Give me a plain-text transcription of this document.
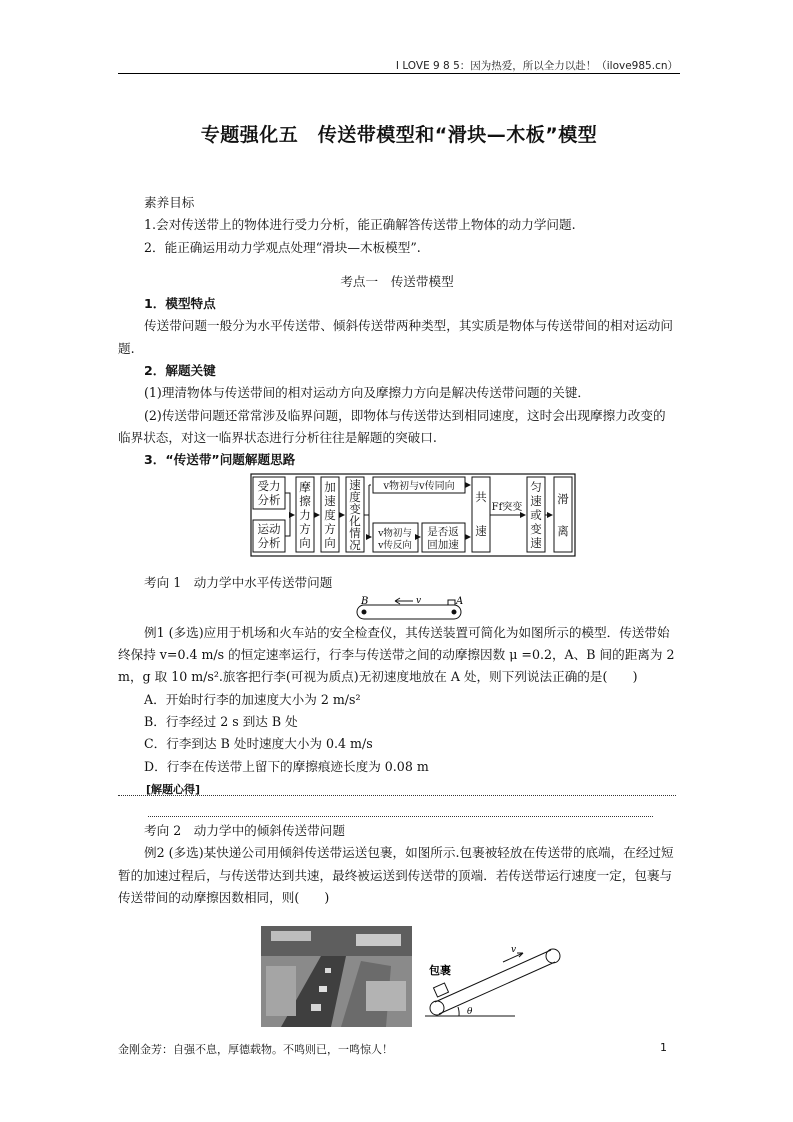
I LOVE 9 8 5：因为热爱，所以全力以赴！（ilove985.cn）
专题强化五　传送带模型和“滑块—木板”模型

素养目标

1.会对传送带上的物体进行受力分析，能正确解答传送带上物体的动力学问题.

2．能正确运用动力学观点处理“滑块—木板模型”.

考点一　传送带模型

1．模型特点

传送带问题一般分为水平传送带、倾斜传送带两种类型，其实质是物体与传送带间的相对运动问题.

2．解题关键

(1)理清物体与传送带间的相对运动方向及摩擦力方向是解决传送带问题的关键．

(2)传送带问题还常常涉及临界问题，即物体与传送带达到相同速度，这时会出现摩擦力改变的临界状态，对这一临界状态进行分析往往是解题的突破口.

3．“传送带”问题解题思路

考向 1　动力学中水平传送带问题

例1 (多选)应用于机场和火车站的安全检查仪，其传送装置可简化为如图所示的模型．传送带始终保持 v=0.4 m/s 的恒定速率运行，行李与传送带之间的动摩擦因数 μ =0.2，A、B 间的距离为 2 m，g 取 10 m/s².旅客把行李(可视为质点)无初速度地放在 A 处，则下列说法正确的是(　　)

A．开始时行李的加速度大小为 2 m/s²

B．行李经过 2 s 到达 B 处

C．行李到达 B 处时速度大小为 0.4 m/s

D．行李在传送带上留下的摩擦痕迹长度为 0.08 m

[解题心得]

考向 2　动力学中的倾斜传送带问题

例2 (多选)某快递公司用倾斜传送带运送包裹，如图所示.包裹被轻放在传送带的底端，在经过短暂的加速过程后，与传送带达到共速，最终被运送到传送带的顶端．若传送带运行速度一定，包裹与传送带间的动摩擦因数相同，则(　　)

受力
分析
运动
分析
摩
擦
力
方
向
加
速
度
方
向
速
度
变
化
情
况
v物初与v传同向
v物初与
v传反向
是否返
回加速
共
速
Ff突变
匀
速
或
变
速
滑
离
B	A
v
包裹
v
θ
金刚金芳：自强不息，厚德载物。不鸣则已，一鸣惊人！	1
